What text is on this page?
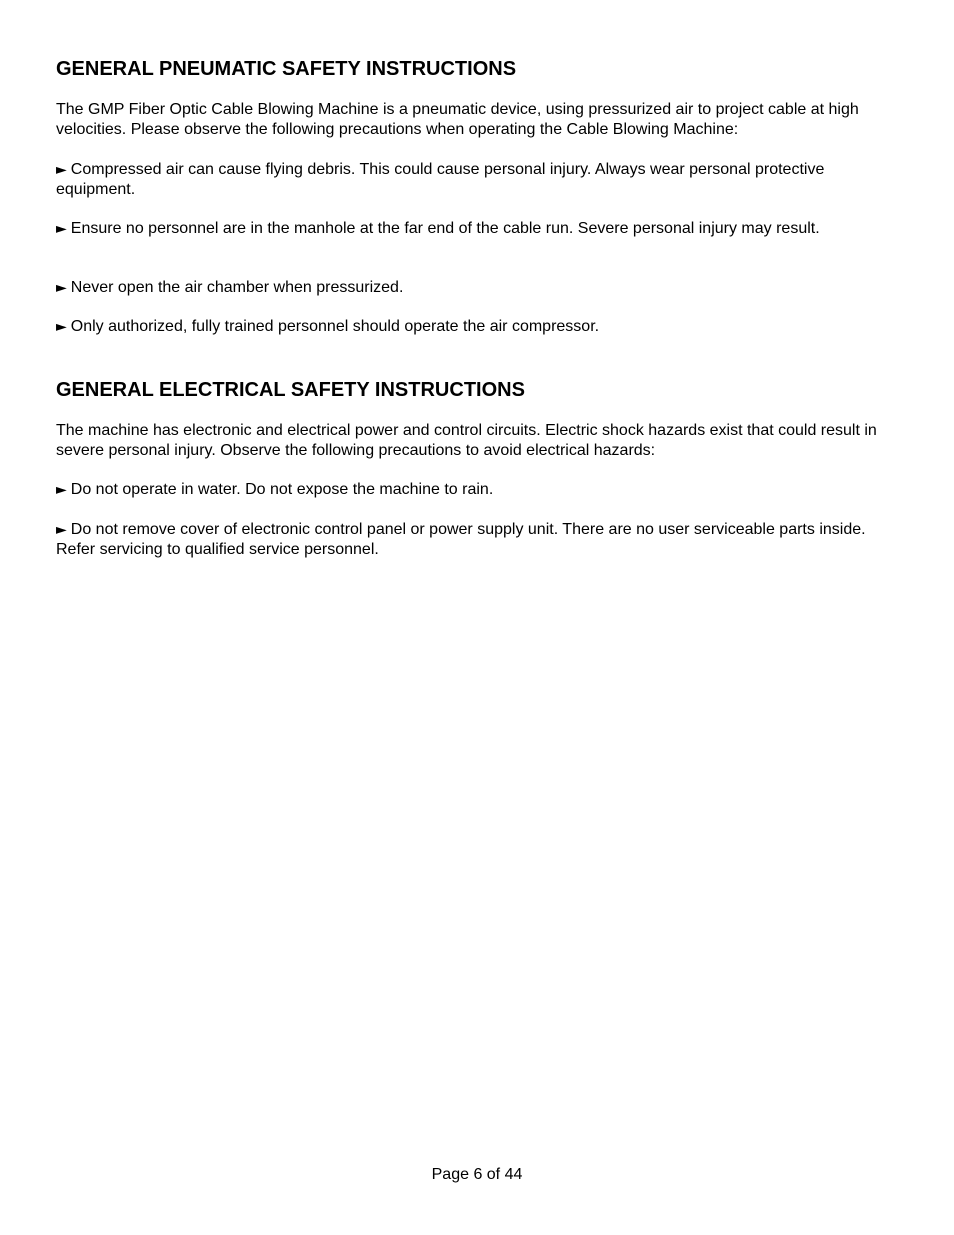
GENERAL PNEUMATIC SAFETY INSTRUCTIONS

The GMP Fiber Optic Cable Blowing Machine is a pneumatic device, using pressurized air to project cable at high velocities. Please observe the following precautions when operating the Cable Blowing Machine:

► Compressed air can cause flying debris. This could cause personal injury. Always wear personal protective equipment.

► Ensure no personnel are in the manhole at the far end of the cable run. Severe personal injury may result.

► Never open the air chamber when pressurized.

► Only authorized, fully trained personnel should operate the air compressor.

GENERAL ELECTRICAL SAFETY INSTRUCTIONS

The machine has electronic and electrical power and control circuits. Electric shock hazards exist that could result in severe personal injury. Observe the following precautions to avoid electrical hazards:

► Do not operate in water. Do not expose the machine to rain.

► Do not remove cover of electronic control panel or power supply unit. There are no user serviceable parts inside. Refer servicing to qualified service personnel.

Page 6 of 44
